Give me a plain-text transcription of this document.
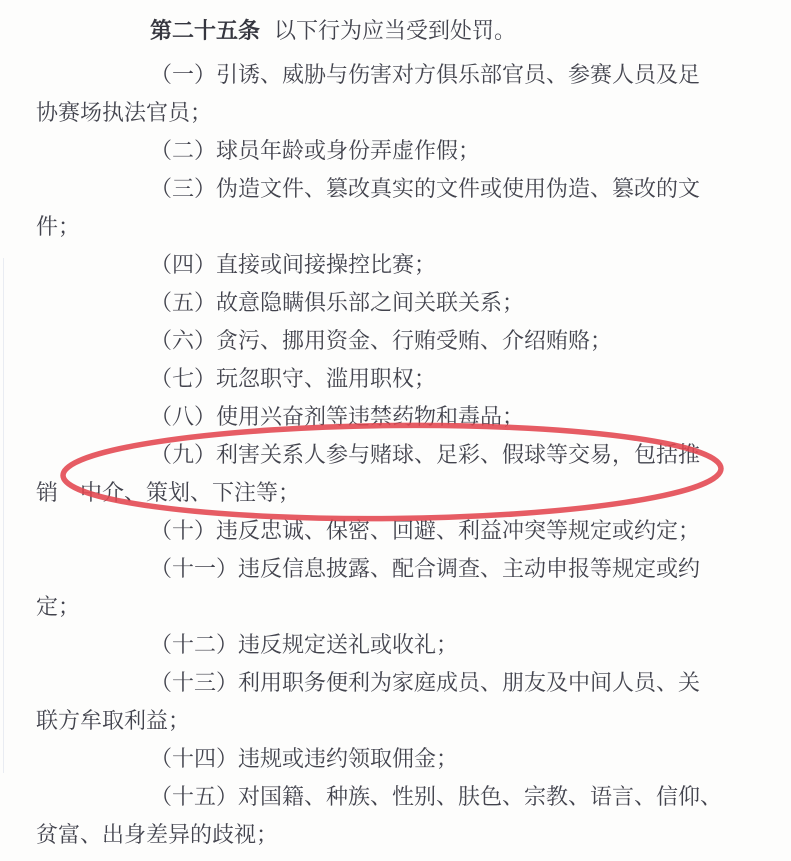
第二十五条 以下行为应当受到处罚。

（一）引诱、威胁与伤害对方俱乐部官员、参赛人员及足
协赛场执法官员；
（二）球员年龄或身份弄虚作假；
（三）伪造文件、篡改真实的文件或使用伪造、篡改的文
件；
（四）直接或间接操控比赛；
（五）故意隐瞒俱乐部之间关联关系；
（六）贪污、挪用资金、行贿受贿、介绍贿赂；
（七）玩忽职守、滥用职权；
（八）使用兴奋剂等违禁药物和毒品；
（九）利害关系人参与赌球、足彩、假球等交易，包括推
销　中介、策划、下注等；
（十）违反忠诚、保密、回避、利益冲突等规定或约定；
（十一）违反信息披露、配合调查、主动申报等规定或约
定；
（十二）违反规定送礼或收礼；
（十三）利用职务便利为家庭成员、朋友及中间人员、关
联方牟取利益；
（十四）违规或违约领取佣金；
（十五）对国籍、种族、性别、肤色、宗教、语言、信仰、
贫富、出身差异的歧视；
